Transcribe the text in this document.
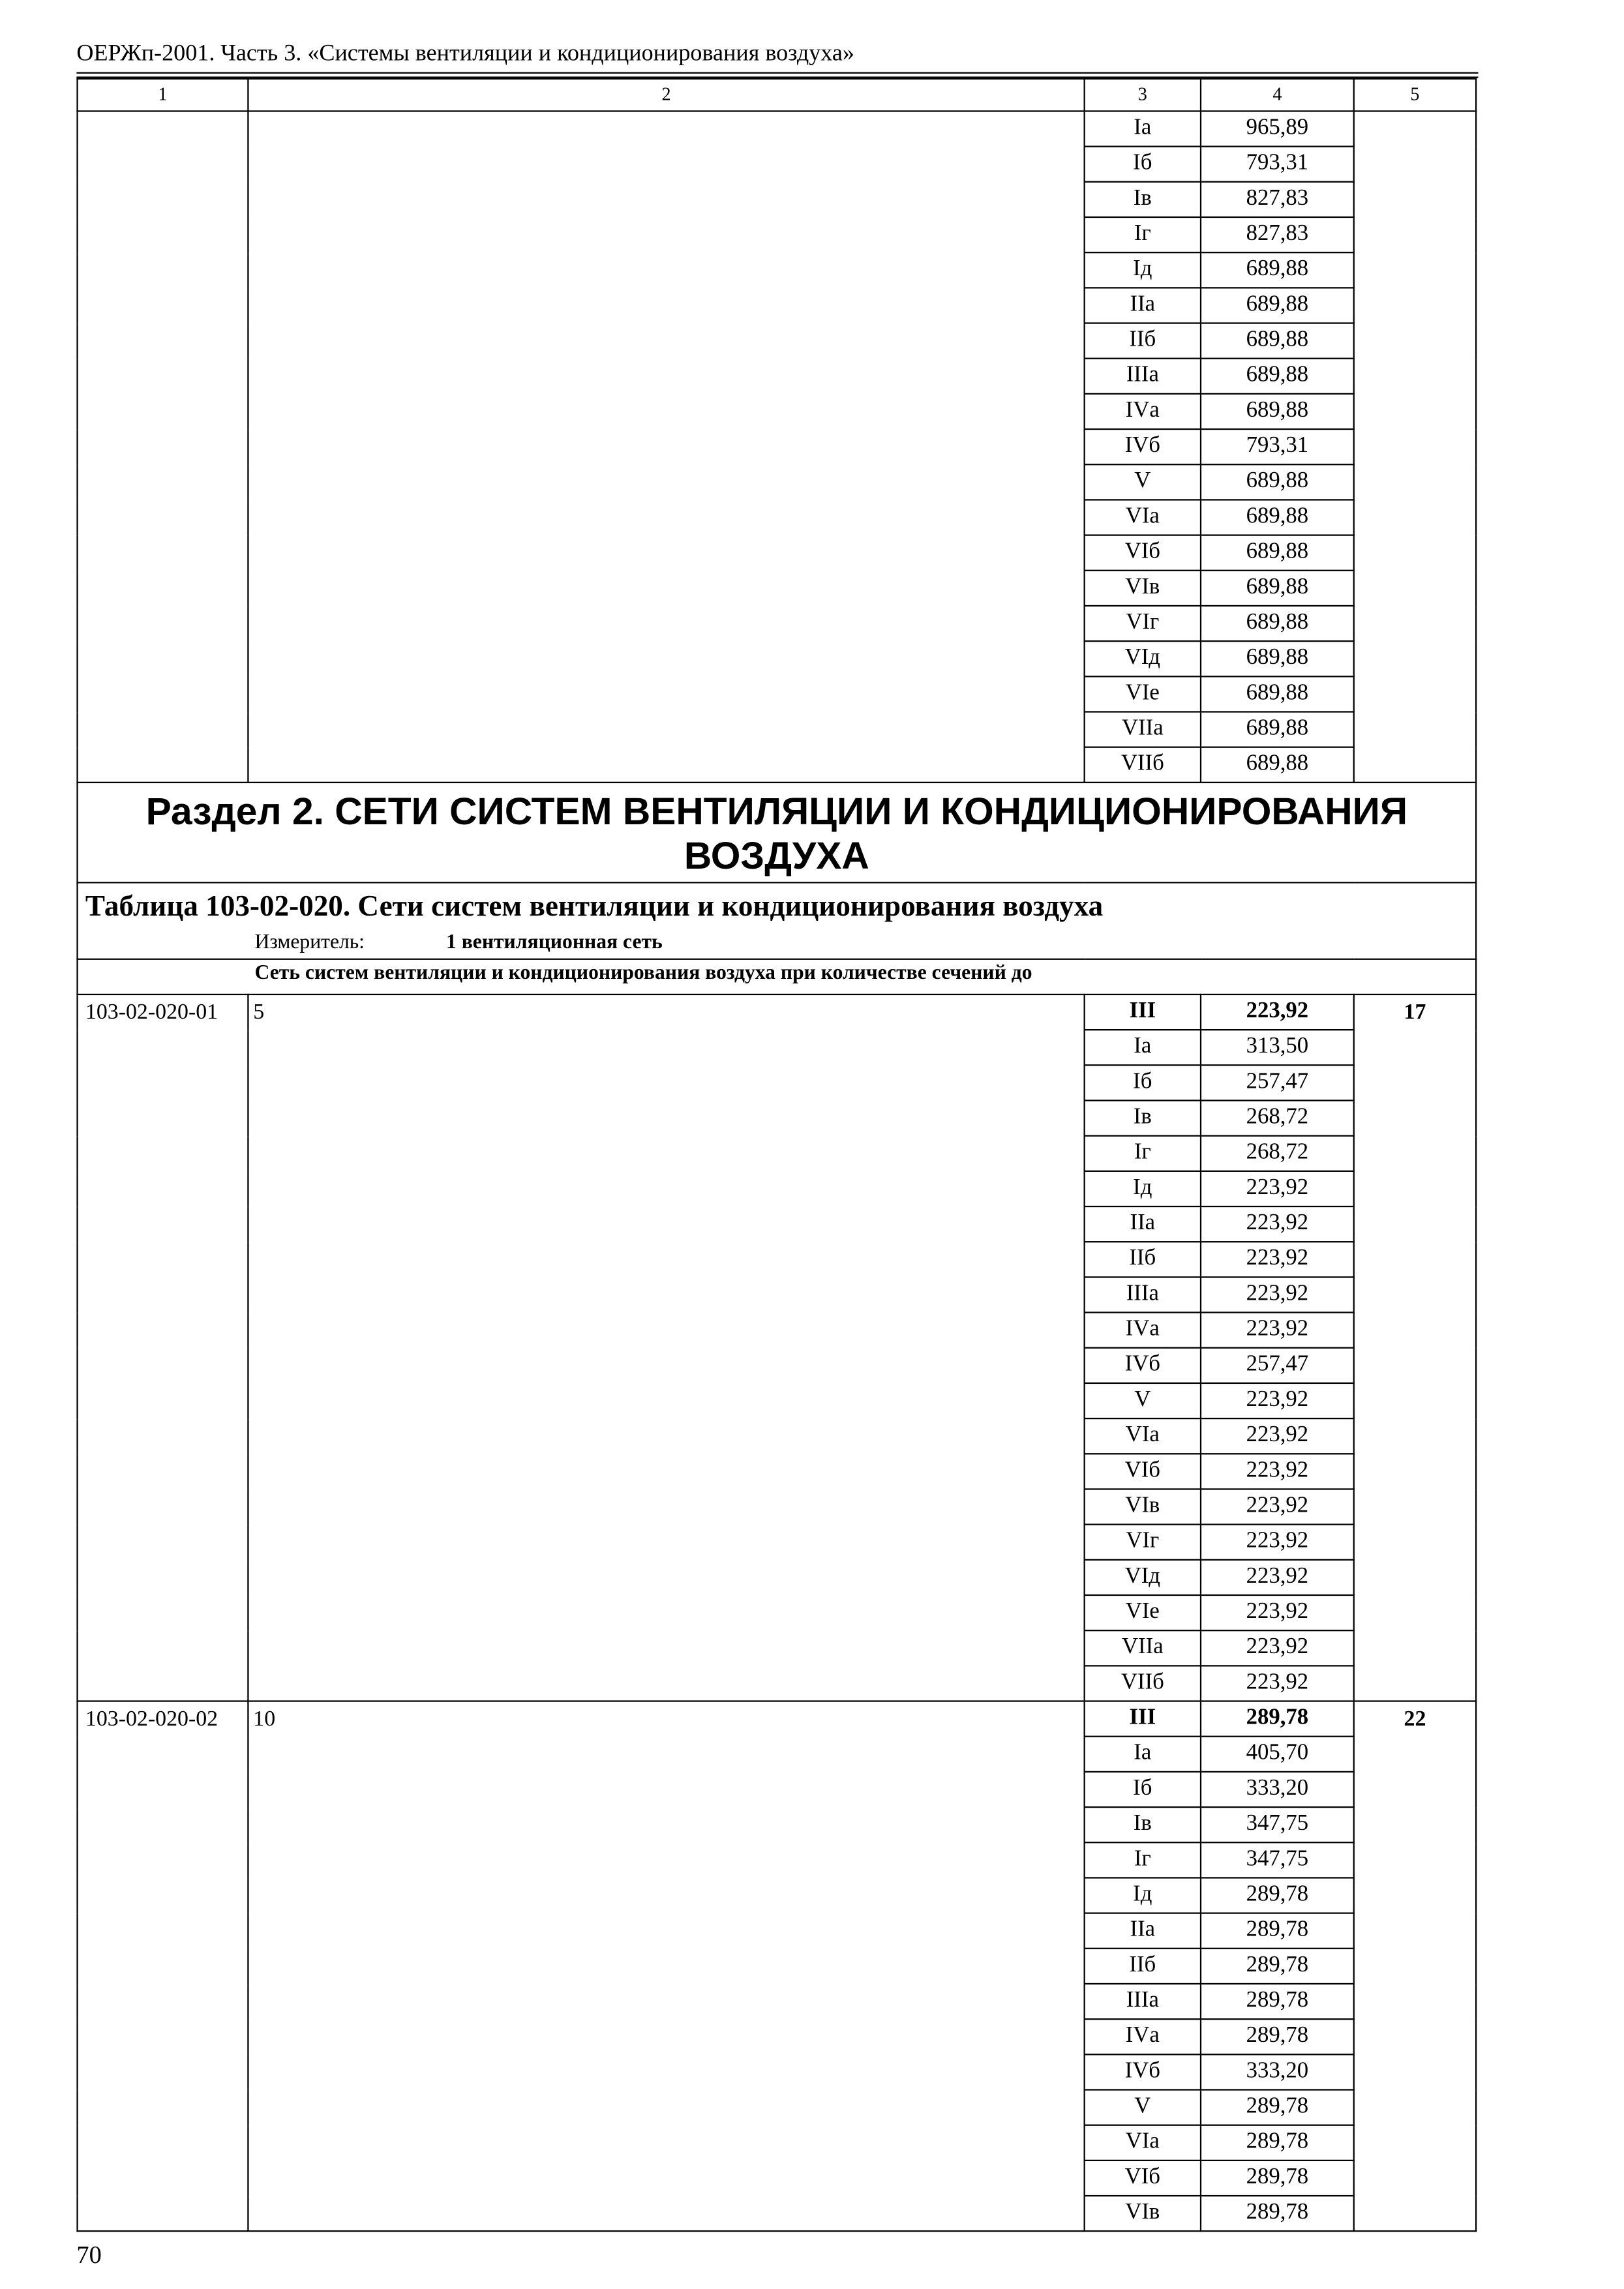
ОЕРЖп-2001. Часть 3. «Системы вентиляции и кондиционирования воздуха»
1	2	3	4	5
		Iа	965,89	
		Iб	793,31	
		Iв	827,83	
		Iг	827,83	
		Iд	689,88	
		IIа	689,88	
		IIб	689,88	
		IIIа	689,88	
		IVа	689,88	
		IVб	793,31	
		V	689,88	
		VIа	689,88	
		VIб	689,88	
		VIв	689,88	
		VIг	689,88	
		VIд	689,88	
		VIе	689,88	
		VIIа	689,88	
		VIIб	689,88	
Раздел 2. СЕТИ СИСТЕМ ВЕНТИЛЯЦИИ И КОНДИЦИОНИРОВАНИЯ ВОЗДУХА				

Таблица 103-02-020. Сети систем вентиляции и кондиционирования воздуха
Измеритель: 1 вентиляционная сеть				

Сеть систем вентиляции и кондиционирования воздуха при количестве сечений до				
103-02-020-01	5	III	223,92	17
		Iа	313,50	
		Iб	257,47	
		Iв	268,72	
		Iг	268,72	
		Iд	223,92	
		IIа	223,92	
		IIб	223,92	
		IIIа	223,92	
		IVа	223,92	
		IVб	257,47	
		V	223,92	
		VIа	223,92	
		VIб	223,92	
		VIв	223,92	
		VIг	223,92	
		VIд	223,92	
		VIе	223,92	
		VIIа	223,92	
		VIIб	223,92	
103-02-020-02	10	III	289,78	22
		Iа	405,70	
		Iб	333,20	
		Iв	347,75	
		Iг	347,75	
		Iд	289,78	
		IIа	289,78	
		IIб	289,78	
		IIIа	289,78	
		IVа	289,78	
		IVб	333,20	
		V	289,78	
		VIа	289,78	
		VIб	289,78	
		VIв	289,78	
70
